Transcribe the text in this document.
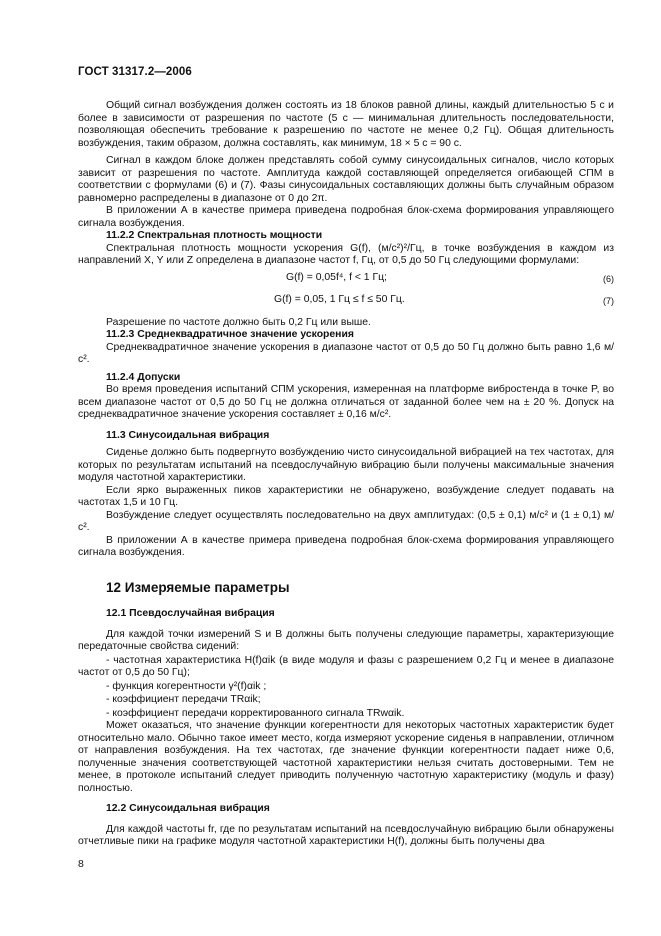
ГОСТ 31317.2—2006

Общий сигнал возбуждения должен состоять из 18 блоков равной длины, каждый длительностью 5 с и более в зависимости от разрешения по частоте (5 с — минимальная длительность последовательности, позволяющая обеспечить требование к разрешению по частоте не менее 0,2 Гц). Общая длительность возбуждения, таким образом, должна составлять, как минимум, 18 × 5 с = 90 с.

Сигнал в каждом блоке должен представлять собой сумму синусоидальных сигналов, число которых зависит от разрешения по частоте. Амплитуда каждой составляющей определяется огибающей СПМ в соответствии с формулами (6) и (7). Фазы синусоидальных составляющих должны быть случайным образом равномерно распределены в диапазоне от 0 до 2π.

В приложении А в качестве примера приведена подробная блок-схема формирования управляющего сигнала возбуждения.

11.2.2 Спектральная плотность мощности

Спектральная плотность мощности ускорения G(f), (м/с²)²/Гц, в точке возбуждения в каждом из направлений X, Y или Z определена в диапазоне частот f, Гц, от 0,5 до 50 Гц следующими формулами:

G(f) = 0,05f⁴, f < 1 Гц;	(6)
G(f) = 0,05, 1 Гц ≤ f ≤ 50 Гц.	(7)

Разрешение по частоте должно быть 0,2 Гц или выше.

11.2.3 Среднеквадратичное значение ускорения

Среднеквадратичное значение ускорения в диапазоне частот от 0,5 до 50 Гц должно быть равно 1,6 м/с².

11.2.4 Допуски

Во время проведения испытаний СПМ ускорения, измеренная на платформе вибростенда в точке P, во всем диапазоне частот от 0,5 до 50 Гц не должна отличаться от заданной более чем на ± 20 %. Допуск на среднеквадратичное значение ускорения составляет ± 0,16 м/с².

11.3 Синусоидальная вибрация

Сиденье должно быть подвергнуто возбуждению чисто синусоидальной вибрацией на тех частотах, для которых по результатам испытаний на псевдослучайную вибрацию были получены максимальные значения модуля частотной характеристики.

Если ярко выраженных пиков характеристики не обнаружено, возбуждение следует подавать на частотах 1,5 и 10 Гц.

Возбуждение следует осуществлять последовательно на двух амплитудах: (0,5 ± 0,1) м/с² и (1 ± 0,1) м/с².

В приложении А в качестве примера приведена подробная блок-схема формирования управляющего сигнала возбуждения.

12 Измеряемые параметры
12.1 Псевдослучайная вибрация

Для каждой точки измерений S и B должны быть получены следующие параметры, характеризующие передаточные свойства сидений:

- частотная характеристика H(f)αik (в виде модуля и фазы с разрешением 0,2 Гц и менее в диапазоне частот от 0,5 до 50 Гц);
- функция когерентности γ²(f)αik ;
- коэффициент передачи TRαik;
- коэффициент передачи корректированного сигнала TRwαik.

Может оказаться, что значение функции когерентности для некоторых частотных характеристик будет относительно мало. Обычно такое имеет место, когда измеряют ускорение сиденья в направлении, отличном от направления возбуждения. На тех частотах, где значение функции когерентности падает ниже 0,6, полученные значения соответствующей частотной характеристики нельзя считать достоверными. Тем не менее, в протоколе испытаний следует приводить полученную частотную характеристику (модуль и фазу) полностью.

12.2 Синусоидальная вибрация

Для каждой частоты fr, где по результатам испытаний на псевдослучайную вибрацию были обнаружены отчетливые пики на графике модуля частотной характеристики H(f), должны быть получены два

8
